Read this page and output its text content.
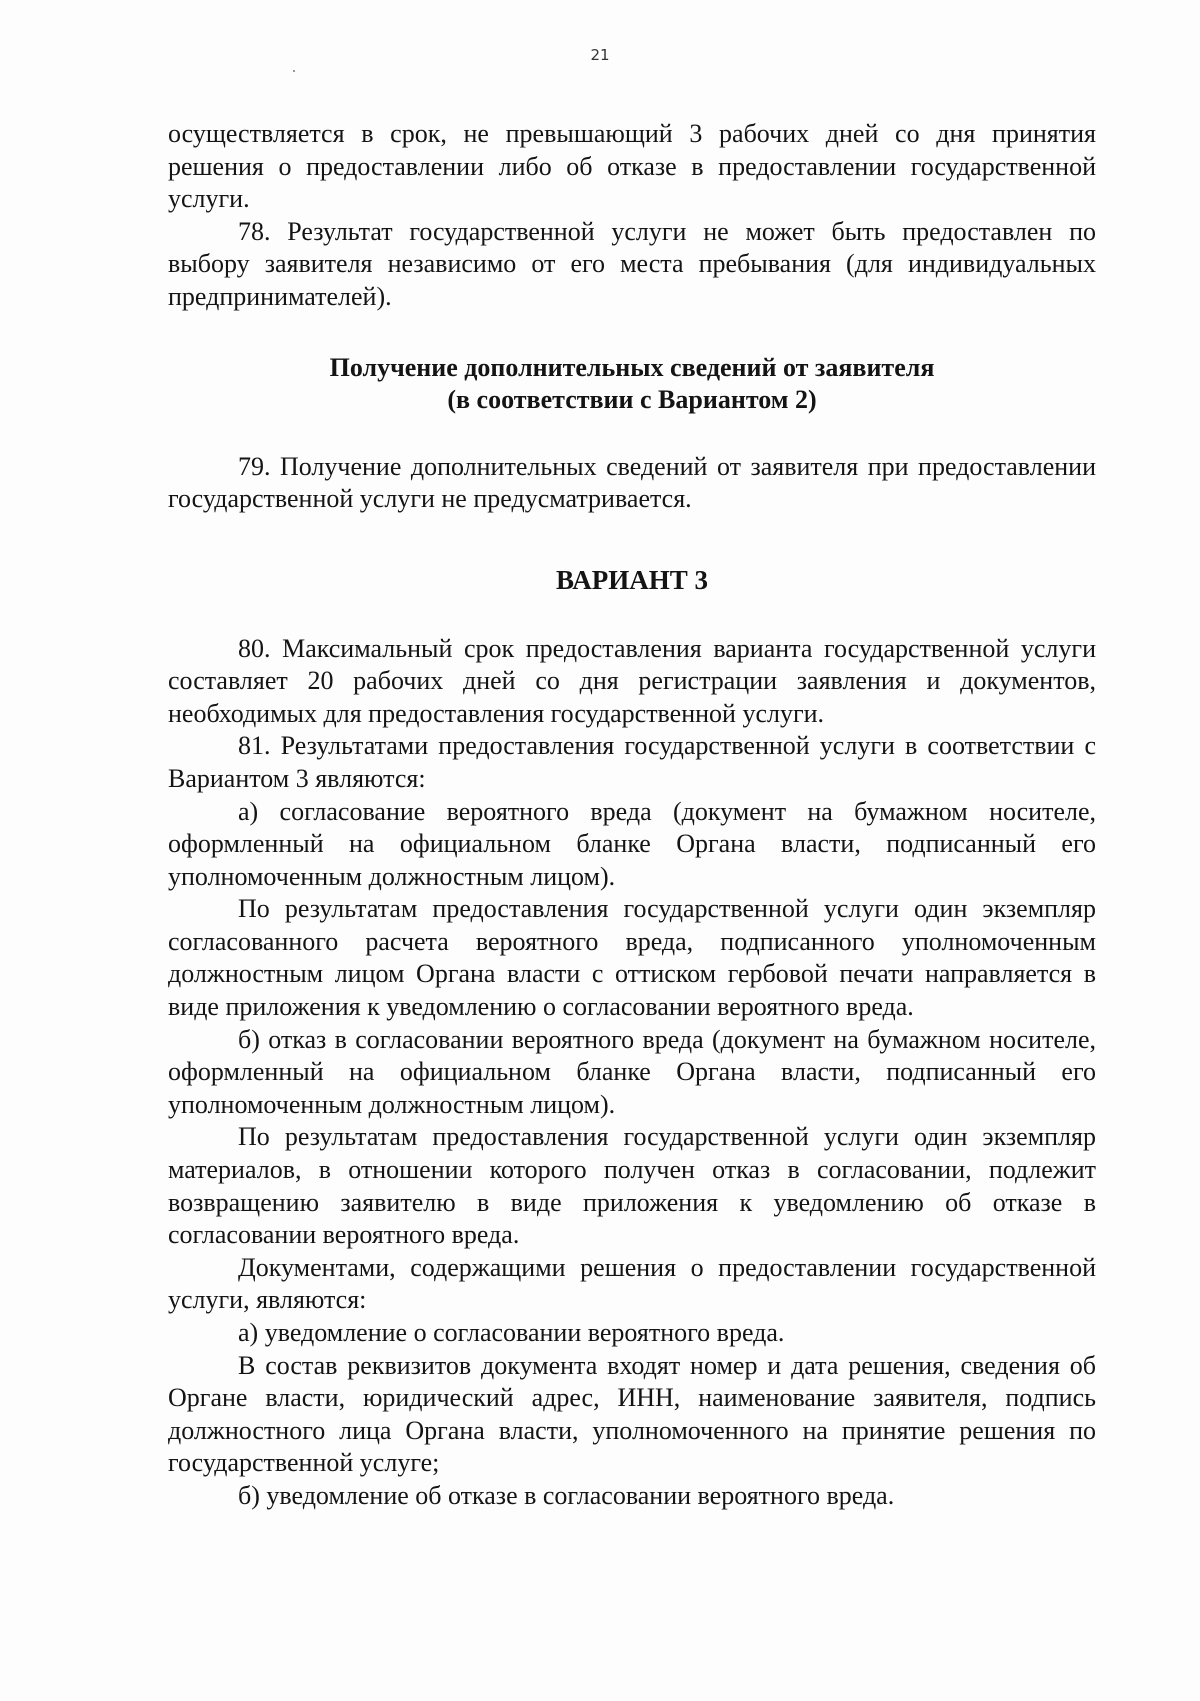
21

осуществляется в срок, не превышающий 3 рабочих дней со дня принятия решения о предоставлении либо об отказе в предоставлении государственной услуги.

78. Результат государственной услуги не может быть предоставлен по выбору заявителя независимо от его места пребывания (для индивидуальных предпринимателей).

Получение дополнительных сведений от заявителя

(в соответствии с Вариантом 2)

79. Получение дополнительных сведений от заявителя при предоставлении государственной услуги не предусматривается.

ВАРИАНТ 3

80. Максимальный срок предоставления варианта государственной услуги составляет 20 рабочих дней со дня регистрации заявления и документов, необходимых для предоставления государственной услуги.

81. Результатами предоставления государственной услуги в соответствии с Вариантом 3 являются:

а) согласование вероятного вреда (документ на бумажном носителе, оформленный на официальном бланке Органа власти, подписанный его уполномоченным должностным лицом).

По результатам предоставления государственной услуги один экземпляр согласованного расчета вероятного вреда, подписанного уполномоченным должностным лицом Органа власти с оттиском гербовой печати направляется в виде приложения к уведомлению о согласовании вероятного вреда.

б) отказ в согласовании вероятного вреда (документ на бумажном носителе, оформленный на официальном бланке Органа власти, подписанный его уполномоченным должностным лицом).

По результатам предоставления государственной услуги один экземпляр материалов, в отношении которого получен отказ в согласовании, подлежит возвращению заявителю в виде приложения к уведомлению об отказе в согласовании вероятного вреда.

Документами, содержащими решения о предоставлении государственной услуги, являются:

а) уведомление о согласовании вероятного вреда.

В состав реквизитов документа входят номер и дата решения, сведения об Органе власти, юридический адрес, ИНН, наименование заявителя, подпись должностного лица Органа власти, уполномоченного на принятие решения по государственной услуге;

б) уведомление об отказе в согласовании вероятного вреда.
